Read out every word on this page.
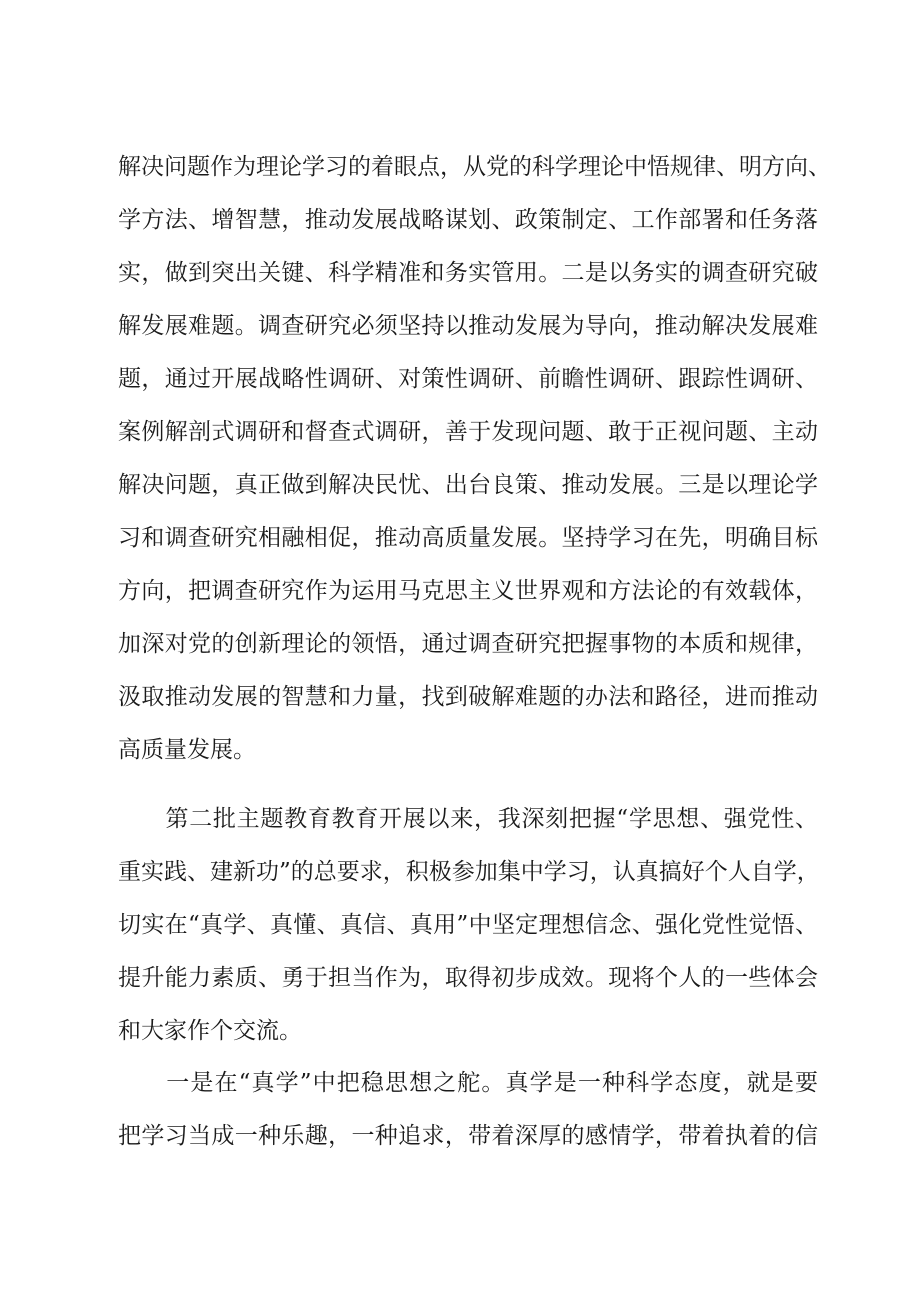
解决问题作为理论学习的着眼点，从党的科学理论中悟规律、明方向、
学方法、增智慧，推动发展战略谋划、政策制定、工作部署和任务落
实，做到突出关键、科学精准和务实管用。二是以务实的调查研究破
解发展难题。调查研究必须坚持以推动发展为导向，推动解决发展难
题，通过开展战略性调研、对策性调研、前瞻性调研、跟踪性调研、
案例解剖式调研和督查式调研，善于发现问题、敢于正视问题、主动
解决问题，真正做到解决民忧、出台良策、推动发展。三是以理论学
习和调查研究相融相促，推动高质量发展。坚持学习在先，明确目标
方向，把调查研究作为运用马克思主义世界观和方法论的有效载体，
加深对党的创新理论的领悟，通过调查研究把握事物的本质和规律，
汲取推动发展的智慧和力量，找到破解难题的办法和路径，进而推动
高质量发展。
　　第二批主题教育教育开展以来，我深刻把握“学思想、强党性、
重实践、建新功”的总要求，积极参加集中学习，认真搞好个人自学，
切实在“真学、真懂、真信、真用”中坚定理想信念、强化党性觉悟、
提升能力素质、勇于担当作为，取得初步成效。现将个人的一些体会
和大家作个交流。
　　一是在“真学”中把稳思想之舵。真学是一种科学态度，就是要
把学习当成一种乐趣，一种追求，带着深厚的感情学，带着执着的信
